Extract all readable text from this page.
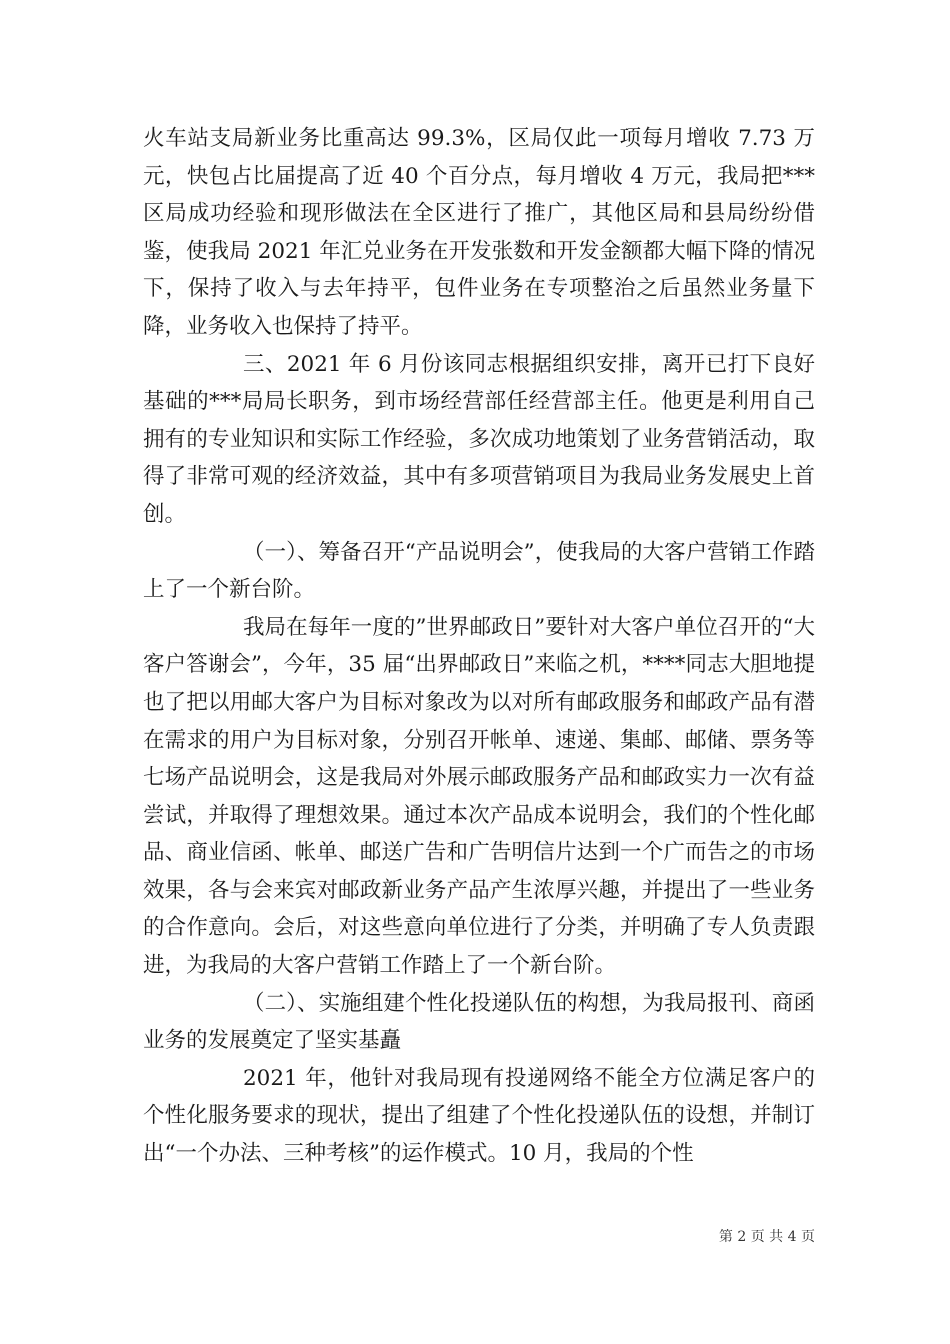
火车站支局新业务比重高达 99.3%，区局仅此一项每月增收 7.73 万元，快包占比届提高了近 40 个百分点，每月增收 4 万元，我局把***区局成功经验和现形做法在全区进行了推广，其他区局和县局纷纷借鉴，使我局 2021 年汇兑业务在开发张数和开发金额都大幅下降的情况下，保持了收入与去年持平，包件业务在专项整治之后虽然业务量下降，业务收入也保持了持平。

三、2021 年 6 月份该同志根据组织安排，离开已打下良好基础的***局局长职务，到市场经营部任经营部主任。他更是利用自己拥有的专业知识和实际工作经验，多次成功地策划了业务营销活动，取得了非常可观的经济效益，其中有多项营销项目为我局业务发展史上首创。

（一）、筹备召开“产品说明会”，使我局的大客户营销工作踏上了一个新台阶。

我局在每年一度的”世界邮政日”要针对大客户单位召开的“大客户答谢会”，今年，35 届“出界邮政日”来临之机，****同志大胆地提也了把以用邮大客户为目标对象改为以对所有邮政服务和邮政产品有潜在需求的用户为目标对象，分别召开帐单、速递、集邮、邮储、票务等七场产品说明会，这是我局对外展示邮政服务产品和邮政实力一次有益尝试，并取得了理想效果。通过本次产品成本说明会，我们的个性化邮品、商业信函、帐单、邮送广告和广告明信片达到一个广而告之的市场效果，各与会来宾对邮政新业务产品产生浓厚兴趣，并提出了一些业务的合作意向。会后，对这些意向单位进行了分类，并明确了专人负责跟进，为我局的大客户营销工作踏上了一个新台阶。

（二）、实施组建个性化投递队伍的构想，为我局报刊、商函业务的发展奠定了坚实基矗

2021 年，他针对我局现有投递网络不能全方位满足客户的个性化服务要求的现状，提出了组建了个性化投递队伍的设想，并制订出“一个办法、三种考核”的运作模式。10 月，我局的个性

第 2 页 共 4 页
